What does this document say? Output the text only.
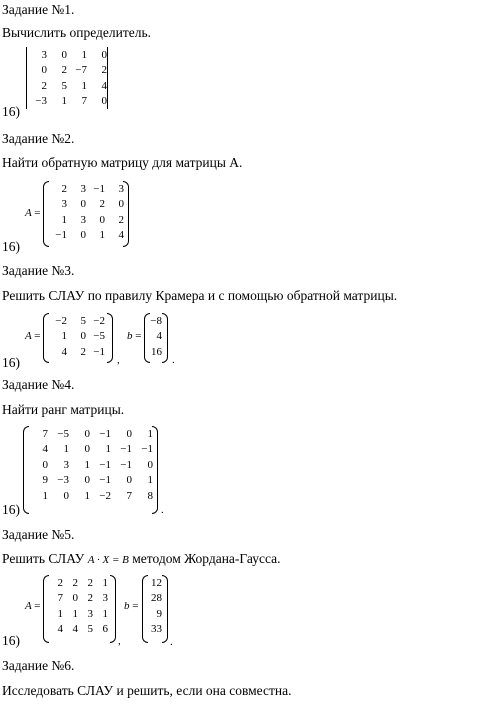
Задание №1.
Вычислить определитель.
16)
3	0	1	0
0	2	−7	2
2	5	1	4
−3	1	7	0
Задание №2.
Найти обратную матрицу для матрицы А.
16)
A =
2	3	−1	3
3	0	2	0
1	3	0	2
−1	0	1	4
Задание №3.
Решить СЛАУ по правилу Крамера и с помощью обратной матрицы.
16)
A =
−2	5	−2
1	0	−5
4	2	−1
,
b =
−8
4
16
.
Задание №4.
Найти ранг матрицы.
16)
7	−5	0	−1	0	1
4	1	0	1	−1	−1
0	3	1	−1	−1	0
9	−3	0	−1	0	1
1	0	1	−2	7	8
.
Задание №5.
Решить СЛАУ A · X = B методом Жордана-Гаусса.
16)
A =
2	2	2	1
7	0	2	3
1	1	3	1
4	4	5	6
,
b =
12
28
9
33
.
Задание №6.
Исследовать СЛАУ и решить, если она совместна.
